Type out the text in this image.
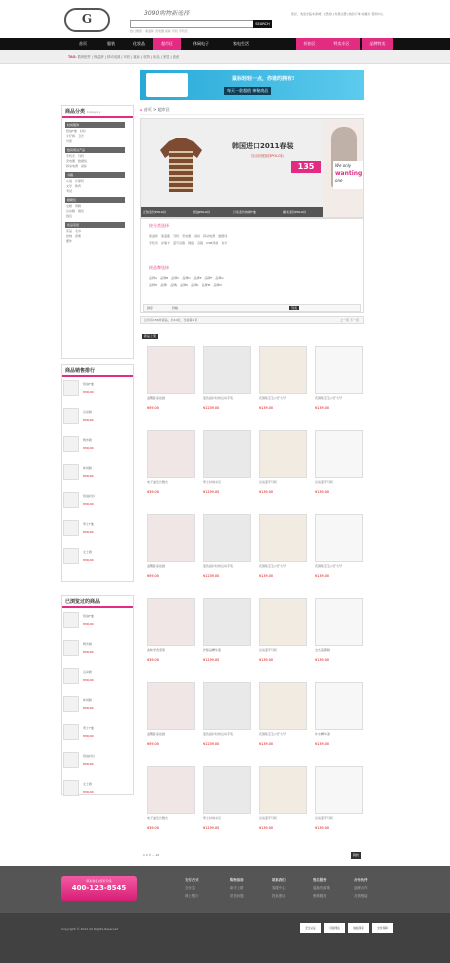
G	3090购物新选择
SEARCH
热门搜索：保温杯 充电器 鼠标 耳机 手机壳
您好，欢迎光临本商城！[登录] [免费注册] 我的订单 收藏夹 帮助中心
首页	服装	化妆品	超市区	休闲电子	家电生活	折扣区	特卖专区	品牌特卖
TAG: 数码配件 | 保温杯 | 移动电源 | 耳机 | 鼠标 | 收纳 | 床品 | 家居 | 创意
鼠标轻轻一点，你谁的拥有!
每天一款超值 神秘商品
商品分类 Category
时尚服饰
短袖T恤　 衬衫
牛仔裤　 卫衣
外套
数码周边产品
手机壳　 耳机
充电器　 数据线
移动电源　 鼠标
书籍
小说　 计算机
文学　 教育
考试
鞋靴包
女鞋　 男鞋
运动鞋　 箱包
钱包
优品家居
床品　 毛巾
收纳　 香薰
摆件
商品销售排行
短袖T恤
¥39.00
运动鞋
¥39.00
帆布鞋
¥39.00
休闲鞋
¥39.00
短袖衬衫
¥39.00
男士T恤
¥39.00
女士鞋
¥39.00
已浏览过的商品
短袖T恤
¥39.00
帆布鞋
¥39.00
运动鞋
¥39.00
休闲鞋
¥39.00
男士T恤
¥39.00
短袖衬衫
¥39.00
女士鞋
¥39.00
⌂ 首页 > 超市区
韩国进口2011春装
自由纹理加持POLO衫
135
正装条纹POLO衫	短袖POLO衫	日系条纹纯棉T恤	魔术条纹POLO衫
We only
wanting
one
按分类选择
保温杯　 保温瓶　 耳机　 充电器　 鼠标　 移动电源　 数据线
手机壳　 存储卡　 蓝牙音箱　 键盘　 音箱　 USB风扇　 台灯
按品牌选择
品牌A　 品牌B　 品牌C　 品牌D　 品牌E　 品牌F　 品牌G
品牌H　 品牌I　 品牌J　 品牌K　 品牌L　 品牌M　 品牌N
排序	价格	列表
总共有156件商品，共10页，当前第1页	上一页 下一页
新品上架
温馨卧室挂画
¥59.00
蓝色指针时尚运动手表
¥1239.00
花园熊宝宝公仔大号
¥139.00
花园熊宝宝公仔大号
¥139.00
电子血压计腕式
¥39.00
男士时尚夹克
¥1239.00
运动蓝牙耳机
¥139.00
运动蓝牙耳机
¥139.00
温馨卧室挂画
¥59.00
蓝色指针时尚运动手表
¥1239.00
花园熊宝宝公仔大号
¥139.00
花园熊宝宝公仔大号
¥139.00
美味零食坚果
¥39.00
护肤品精华液
¥1239.00
运动蓝牙耳机
¥139.00
女式高跟鞋
¥139.00
温馨卧室挂画
¥59.00
蓝色指针时尚运动手表
¥1239.00
花园熊宝宝公仔大号
¥139.00
补水精华液
¥139.00
电子血压计腕式
¥39.00
男士时尚夹克
¥1239.00
运动蓝牙耳机
¥139.00
运动蓝牙耳机
¥139.00
1 2 3 ... 10	跳转
联系我们/投诉专线
400-123-8545
支付方式
支付宝
网上银行
购物指南
新手上路
常见问题
联系我们
客服中心
投诉建议
售后服务
退换货政策
维修服务
合作伙伴
品牌合作
友情链接
Copyright © 2012 All Rights Reserved	安全认证	可信网站	诚信商家	支付保障
